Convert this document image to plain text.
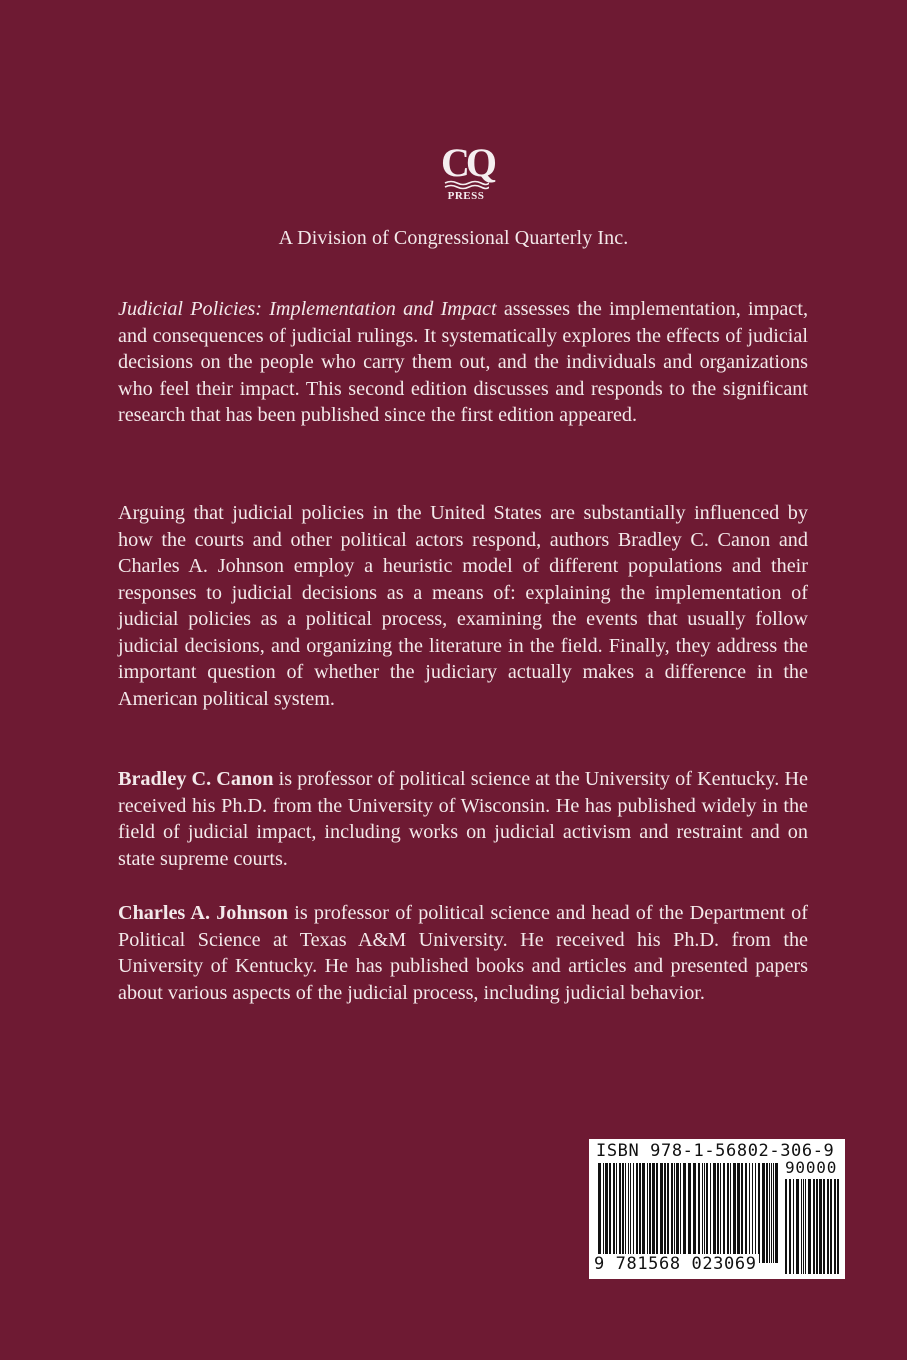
CQ
PRESS
A Division of Congressional Quarterly Inc.
Judicial Policies: Implementation and Impact assesses the implementation, impact, and consequences of judicial rulings. It systematically explores the effects of judicial decisions on the people who carry them out, and the individuals and organizations who feel their impact. This second edition discusses and responds to the significant research that has been published since the first edition appeared.
Arguing that judicial policies in the United States are substantially influenced by how the courts and other political actors respond, authors Bradley C. Canon and Charles A. Johnson employ a heuristic model of different populations and their responses to judicial decisions as a means of: explaining the implementation of judicial policies as a political process, examining the events that usually follow judicial decisions, and organizing the literature in the field. Finally, they address the important question of whether the judiciary actually makes a difference in the American political system.
Bradley C. Canon is professor of political science at the University of Kentucky. He received his Ph.D. from the University of Wisconsin. He has published widely in the field of judicial impact, including works on judicial activism and restraint and on state supreme courts.
Charles A. Johnson is professor of political science and head of the Department of Political Science at Texas A&M University. He received his Ph.D. from the University of Kentucky. He has published books and articles and presented papers about various aspects of the judicial process, including judicial behavior.
ISBN 978-1-56802-306-9
90000
9 781568 023069
